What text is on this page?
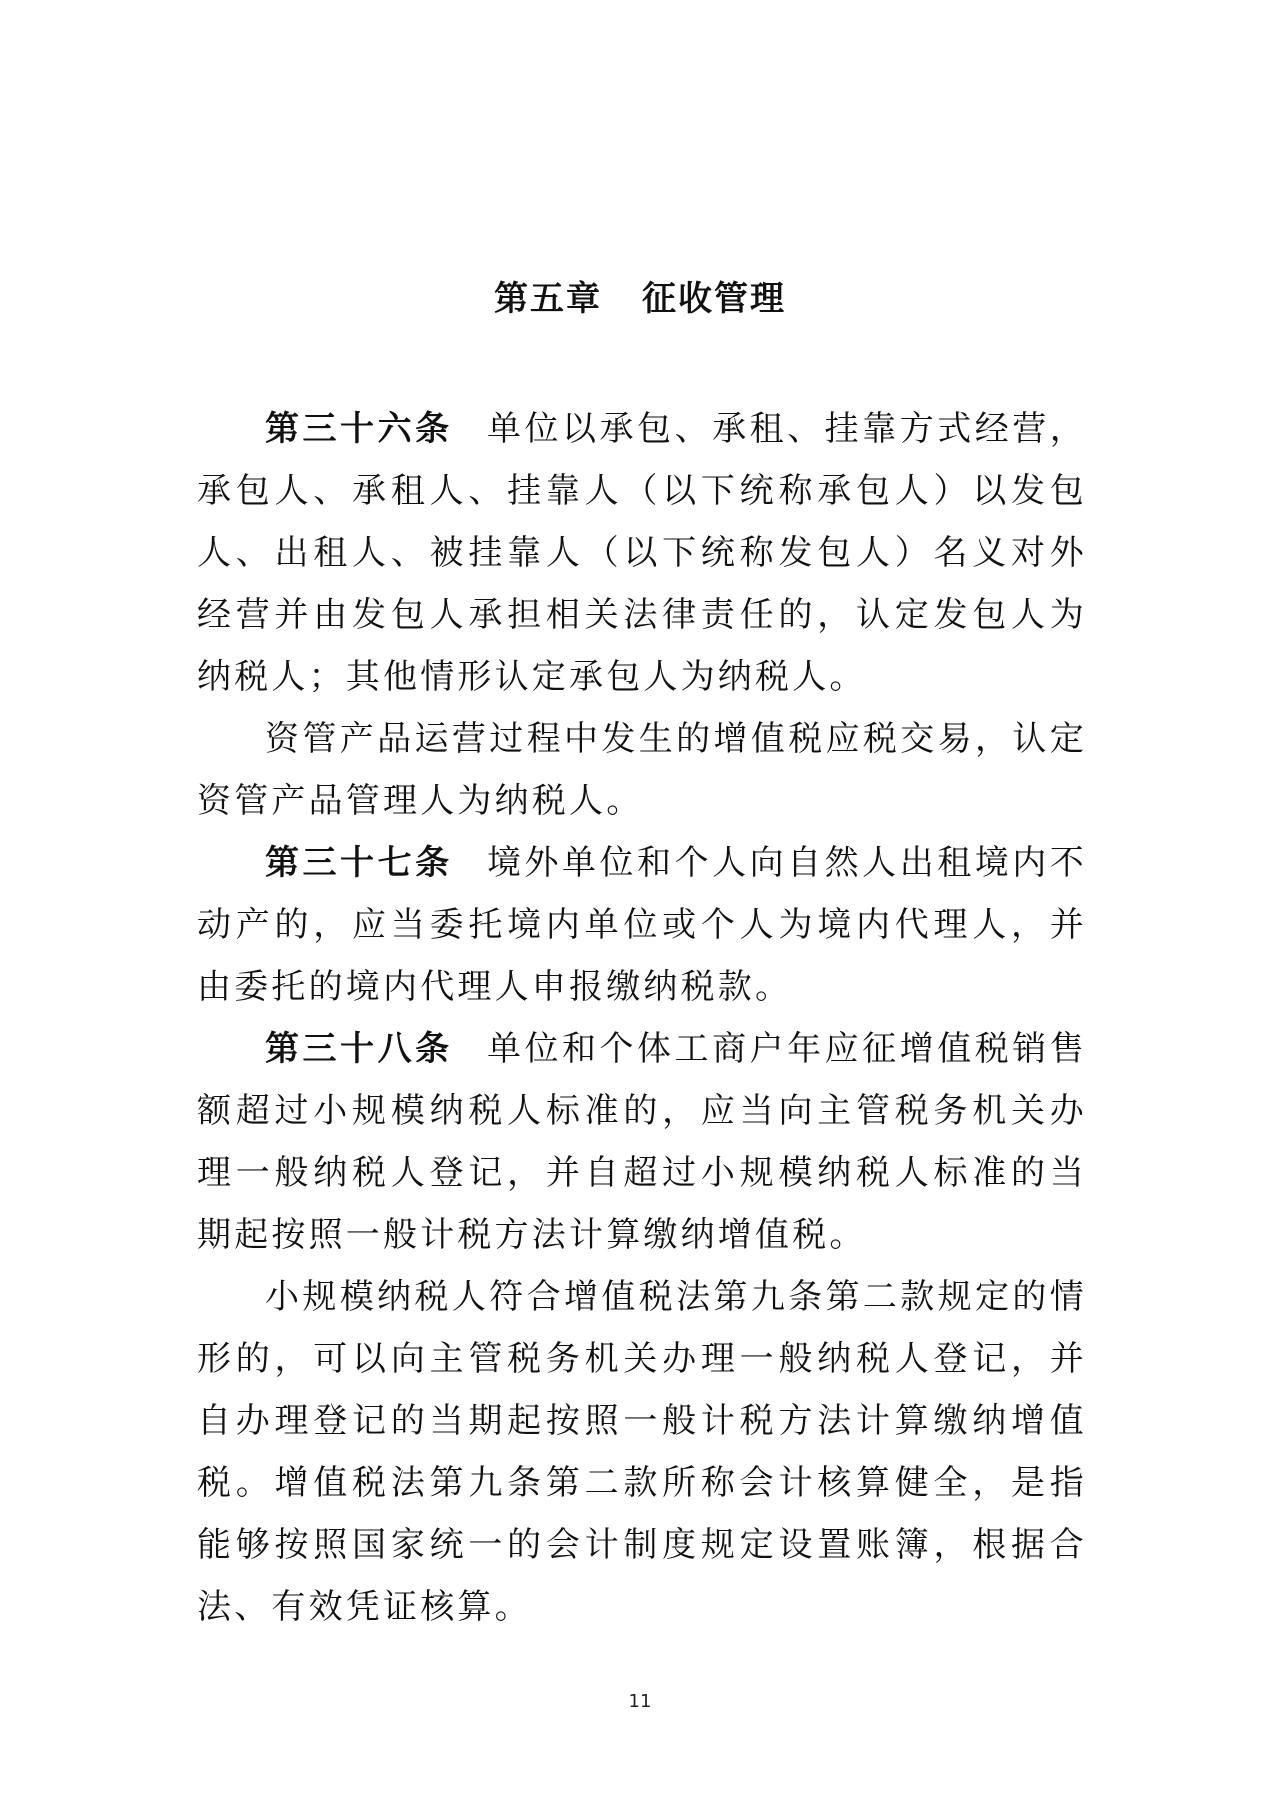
第五章 征收管理

第三十六条 单位以承包、承租、挂靠方式经营，承包人、承租人、挂靠人（以下统称承包人）以发包人、出租人、被挂靠人（以下统称发包人）名义对外经营并由发包人承担相关法律责任的，认定发包人为纳税人；其他情形认定承包人为纳税人。

资管产品运营过程中发生的增值税应税交易，认定资管产品管理人为纳税人。

第三十七条 境外单位和个人向自然人出租境内不动产的，应当委托境内单位或个人为境内代理人，并由委托的境内代理人申报缴纳税款。

第三十八条 单位和个体工商户年应征增值税销售额超过小规模纳税人标准的，应当向主管税务机关办理一般纳税人登记，并自超过小规模纳税人标准的当期起按照一般计税方法计算缴纳增值税。

小规模纳税人符合增值税法第九条第二款规定的情形的，可以向主管税务机关办理一般纳税人登记，并自办理登记的当期起按照一般计税方法计算缴纳增值税。增值税法第九条第二款所称会计核算健全，是指能够按照国家统一的会计制度规定设置账簿，根据合法、有效凭证核算。

11
